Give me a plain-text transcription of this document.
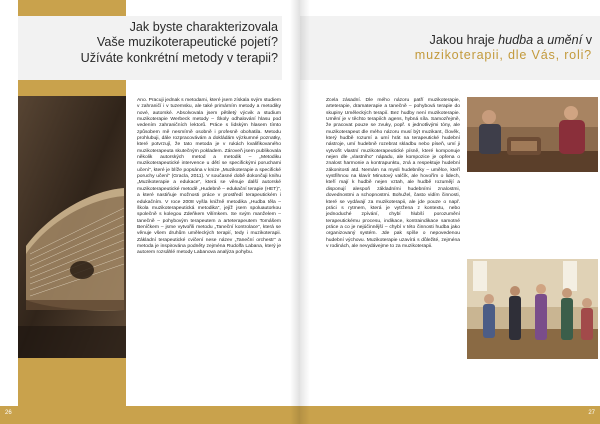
Jak byste charakterizovala
Vaše muzikoterapeutické pojetí?
Užíváte konkrétní metody v terapii?

Ano. Pracuji jednak s metodami, které jsem získala svým studiem v zahraničí i v tuzemsku, ale také primárním metody a metodiky nové, autorské. Absolvovala jsem pětiletý výcvik a studium muzikoterapie Werbeck metody – Školy odhalování hlasu pod vedením zahraničních lektorů. Práce s lidským hlasem tímto způsobem mě nesmírně osobně i profesně obohatila. Metodu prohlubuji, dále rozpracovávám a dokládám výzkumné poznatky, které potvrzují, že tato metoda je v rukách kvalifikovaného muzikoterapeuta skutečným pokladem. Zároveň jsem publikovala několik autorských metod a metodik – „Metodiku muzikoterapeutické intervence u dětí se specifickými poruchami učení“, které je blíže popsána v knize „Muzikoterapie a specifické poruchy učení“ (Gracla, 2011). V současné době dokončuji knihu „Muzikoterapie a edukace“, která se věnuje další autorské muzikoterapeutické metodě „Hudebně – edukační terapie (HET)“, a které nastiňuje možnosti práce v prostředí terapeutickém i edukačním. V roce 2008 vyšla knižně metodika „Hudba těla – škola muzikoterapeutická metodika“, jejíž jsem spoluautorkou společně s kolegou Zdeňkem Vilímkem. Se svým manželem – tanečně – pohybovým terapeutem a arteterapeutem Tomášem Beníčkem – jsme vytvořili metodu „Taneční kontrolace“, která se věnuje všem druhům uměleckých terapií, tedy i muzikoterapii. Základní terapeutické cvičení nese název „Taneční orchestr“ a metoda je inspirována podněty zejména Rudolfa Labana, který je autorem rozsáhlé metody Labanova analýza pohybu.

26
Jakou hraje hudba a umění v
muzikoterapii, dle Vás, roli?

Zcela zásadní. Dle mého názoru patří muzikoterapie, arteterapie, dramaterapie a tanečně – pohybová terapie do skupiny Uměleckých terapií. Bez hudby není muzikoterapie. Umění je v těchto terapiích agens, hybná síla. Samozřejmě, že pracovat pouze se zvuky, popř. s jednotlivými tóny, ale muzikoterapeut dle mého názoru musí být muzikant, člověk, který hudbě rozumí a umí hrát na terapeutické hudební nástroje, umí hudebně rozebrat skladbu nebo píseň, umí ji vytvořit vlastní muzikoterapeutické písně, které komponuje nejen dle „vlastního“ nápadu, ale kompozice je opřena o znalost harmonie a kontrapunktu, zná a respektuje hudební zákonitosti atd. Nemám na mysli hudebníky – umělce, kteří vystřihnou na klavír Minutový valčík, ale hovořím o lidech, kteří mají k hudbě nejen vztah, ale hudbě rozumějí a disponují alespoň základními hudebními znalostmi, dovednostmi a schopnostmi. Bohužel, často vidím činnosti, které se vydávají za muzikoterapii, ale jde pouze o např. práci s rytmem, která je vytržena z kontextu, nebo jednoduché zpívání, chybí hlubší porozumění terapeutickému procesu, indikace, kontraindikace samotné práce a co je nejúčinnější – chybí v této činnosti hudba jako organizovaný systém. Jde pak spíše o nepovedenou hudební výchovu. Muzikoterapie uzavírá s důležité, zejména v rodinách, ale nevydávejme to za muzikoterapii.

27
